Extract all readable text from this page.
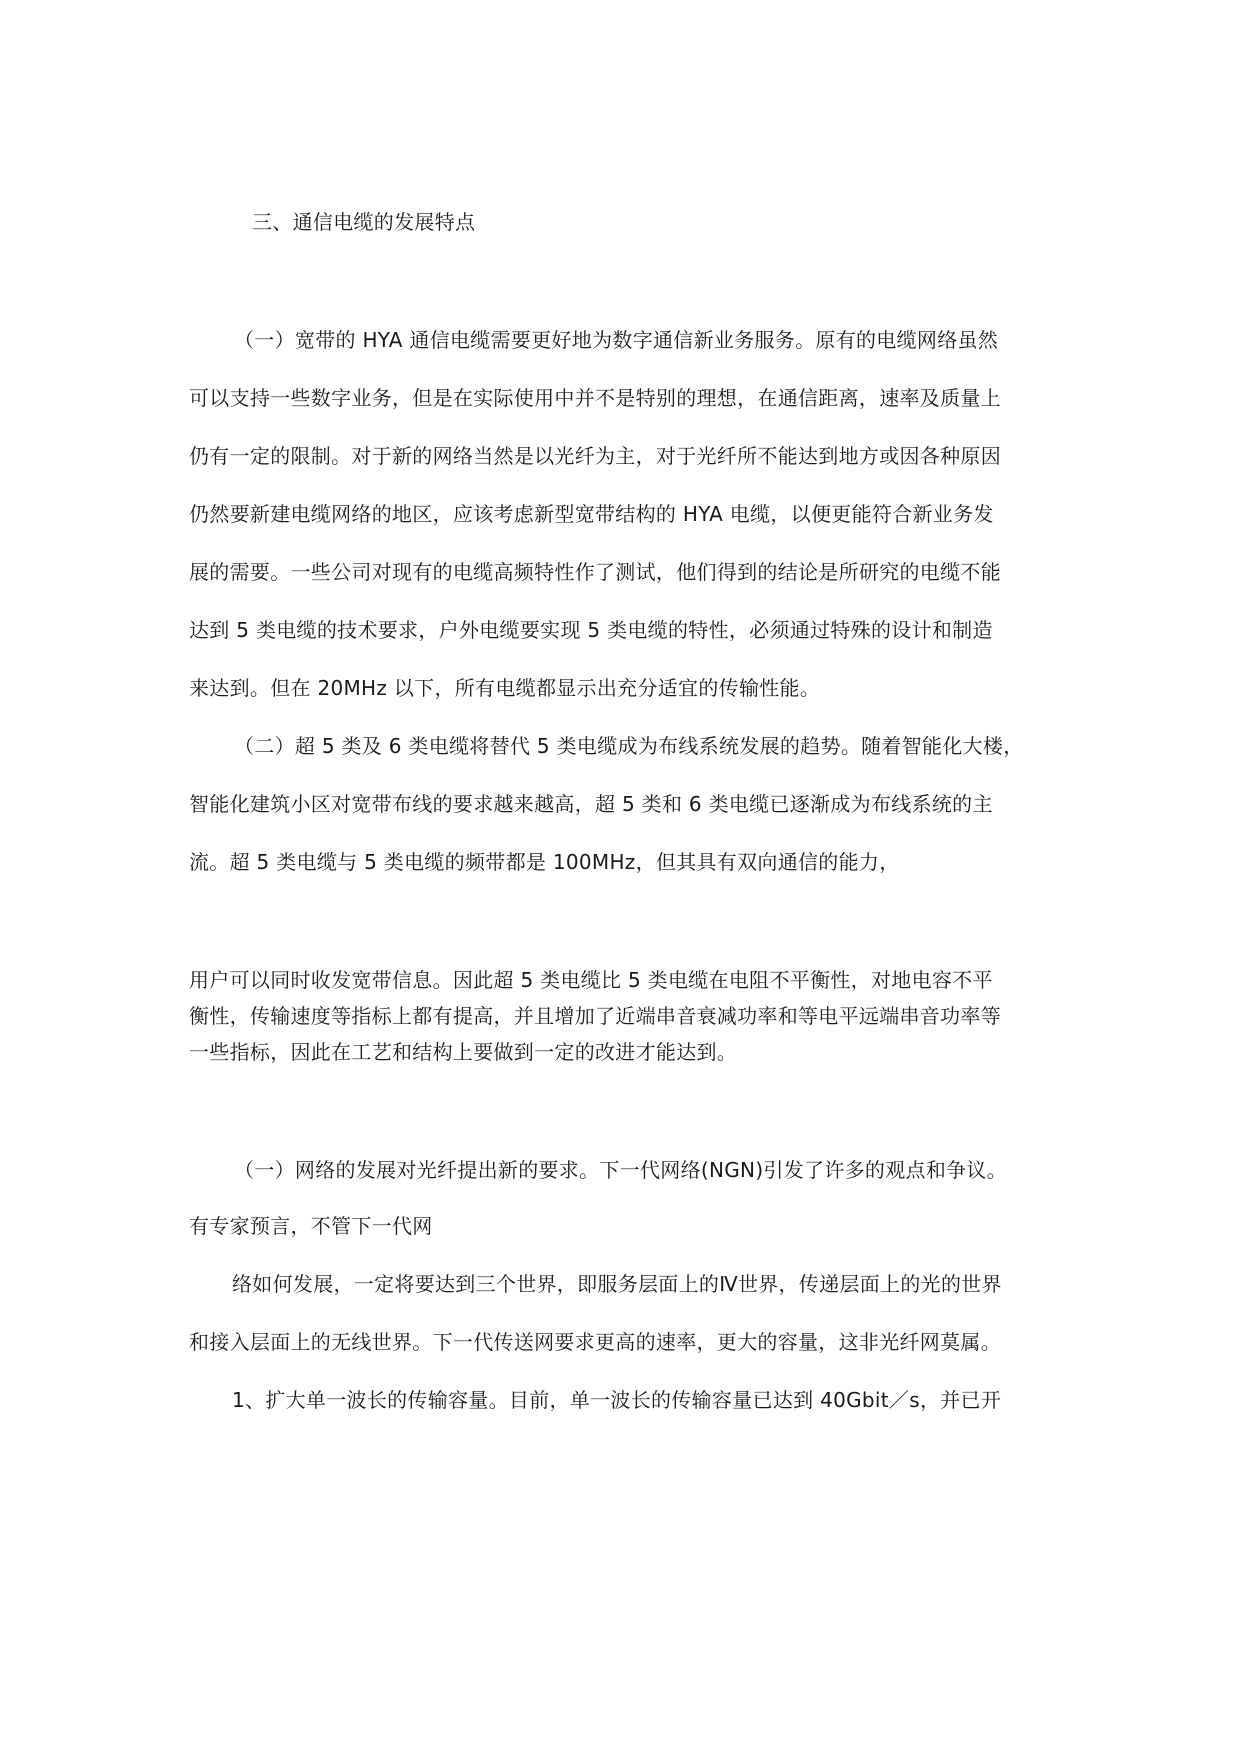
三、通信电缆的发展特点
（一）宽带的 HYA 通信电缆需要更好地为数字通信新业务服务。原有的电缆网络虽然
可以支持一些数字业务，但是在实际使用中并不是特别的理想，在通信距离，速率及质量上
仍有一定的限制。对于新的网络当然是以光纤为主，对于光纤所不能达到地方或因各种原因
仍然要新建电缆网络的地区，应该考虑新型宽带结构的 HYA 电缆，以便更能符合新业务发
展的需要。一些公司对现有的电缆高频特性作了测试，他们得到的结论是所研究的电缆不能
达到 5 类电缆的技术要求，户外电缆要实现 5 类电缆的特性，必须通过特殊的设计和制造
来达到。但在 20MHz 以下，所有电缆都显示出充分适宜的传输性能。
（二）超 5 类及 6 类电缆将替代 5 类电缆成为布线系统发展的趋势。随着智能化大楼，
智能化建筑小区对宽带布线的要求越来越高，超 5 类和 6 类电缆已逐渐成为布线系统的主
流。超 5 类电缆与 5 类电缆的频带都是 100MHz，但其具有双向通信的能力，
用户可以同时收发宽带信息。因此超 5 类电缆比 5 类电缆在电阻不平衡性，对地电容不平
衡性，传输速度等指标上都有提高，并且增加了近端串音衰减功率和等电平远端串音功率等
一些指标，因此在工艺和结构上要做到一定的改进才能达到。
（一）网络的发展对光纤提出新的要求。下一代网络(NGN)引发了许多的观点和争议。
有专家预言，不管下一代网
络如何发展，一定将要达到三个世界，即服务层面上的Ⅳ世界，传递层面上的光的世界
和接入层面上的无线世界。下一代传送网要求更高的速率，更大的容量，这非光纤网莫属。
1、扩大单一波长的传输容量。目前，单一波长的传输容量已达到 40Gbit／s，并已开
